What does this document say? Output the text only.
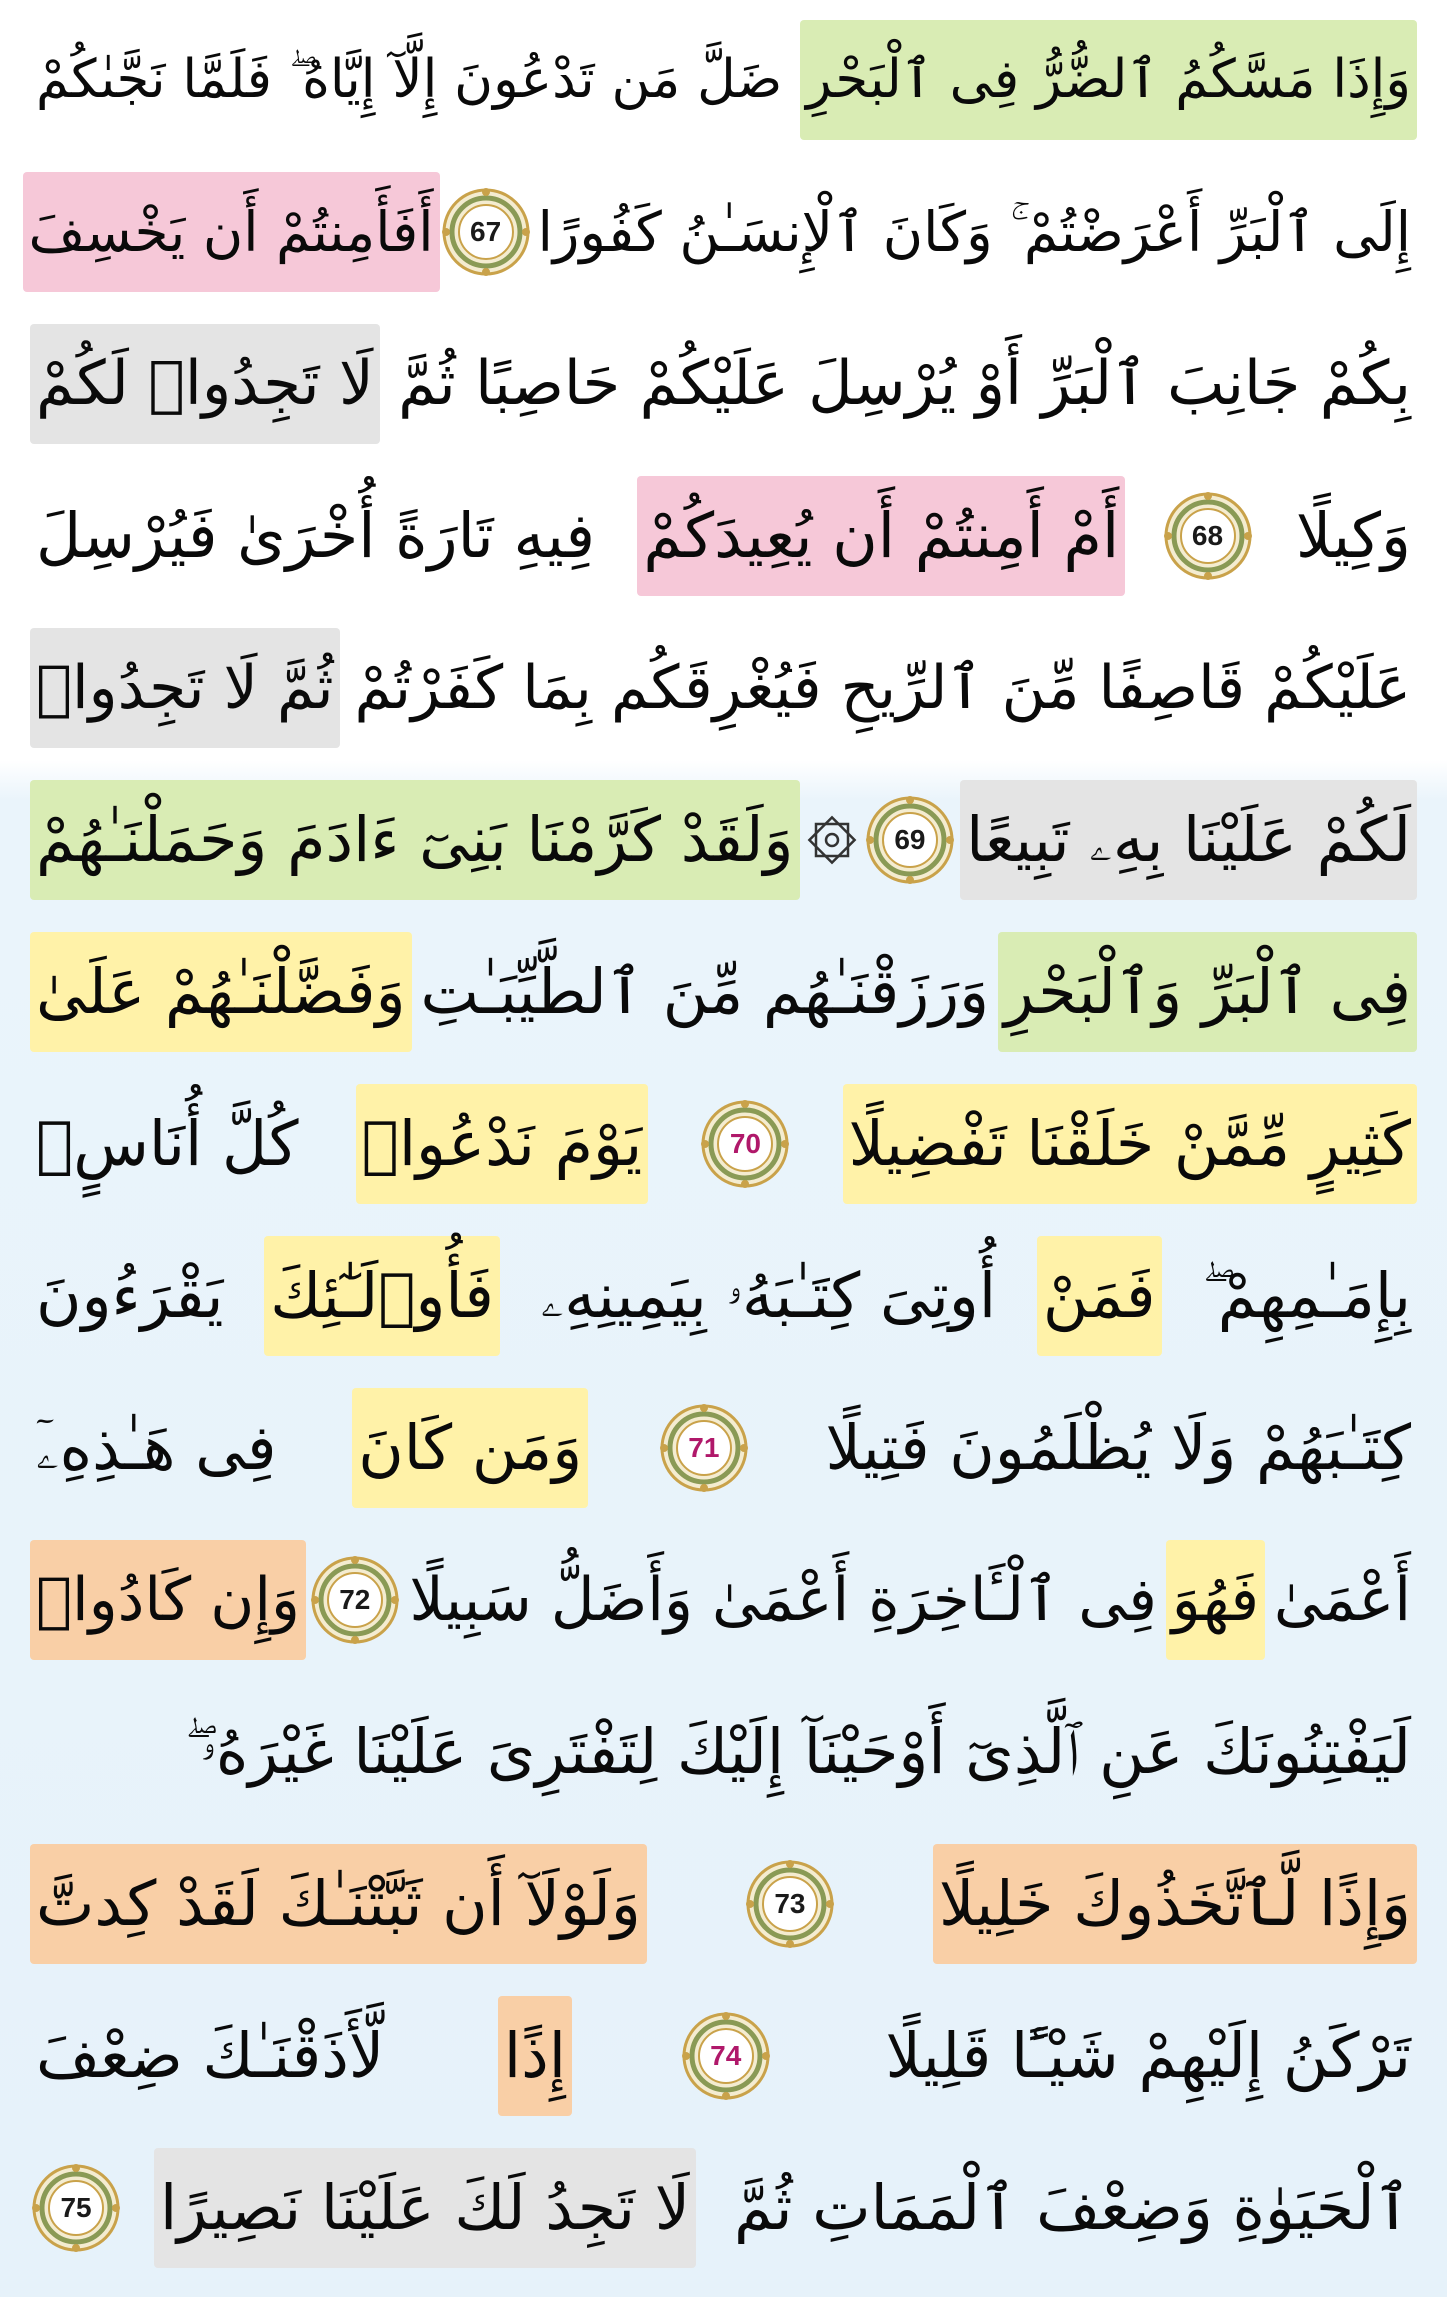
وَإِذَا مَسَّكُمُ ٱلضُّرُّ فِى ٱلْبَحْرِ
ضَلَّ مَن تَدْعُونَ إِلَّآ إِيَّاهُ ۖ فَلَمَّا نَجَّىٰكُمْ
إِلَى ٱلْبَرِّ أَعْرَضْتُمْ ۚ وَكَانَ ٱلْإِنسَـٰنُ كَفُورًا
67
أَفَأَمِنتُمْ أَن يَخْسِفَ
بِكُمْ جَانِبَ ٱلْبَرِّ أَوْ يُرْسِلَ عَلَيْكُمْ حَاصِبًا ثُمَّ
لَا تَجِدُوا۟ لَكُمْ
وَكِيلًا
68
أَمْ أَمِنتُمْ أَن يُعِيدَكُمْ
فِيهِ تَارَةً أُخْرَىٰ فَيُرْسِلَ
عَلَيْكُمْ قَاصِفًا مِّنَ ٱلرِّيحِ فَيُغْرِقَكُم بِمَا كَفَرْتُمْ
ثُمَّ لَا تَجِدُوا۟
لَكُمْ عَلَيْنَا بِهِۦ تَبِيعًا
69
وَلَقَدْ كَرَّمْنَا بَنِىٓ ءَادَمَ وَحَمَلْنَـٰهُمْ
فِى ٱلْبَرِّ وَٱلْبَحْرِ
وَرَزَقْنَـٰهُم مِّنَ ٱلطَّيِّبَـٰتِ
وَفَضَّلْنَـٰهُمْ عَلَىٰ
كَثِيرٍ مِّمَّنْ خَلَقْنَا تَفْضِيلًا
70
يَوْمَ نَدْعُوا۟
كُلَّ أُنَاسٍۭ
بِإِمَـٰمِهِمْ ۖ
فَمَنْ
أُوتِىَ كِتَـٰبَهُۥ بِيَمِينِهِۦ
فَأُو۟لَـٰٓئِكَ
يَقْرَءُونَ
كِتَـٰبَهُمْ وَلَا يُظْلَمُونَ فَتِيلًا
71
وَمَن كَانَ
فِى هَـٰذِهِۦٓ
أَعْمَىٰ
فَهُوَ
فِى ٱلْـَٔاخِرَةِ أَعْمَىٰ وَأَضَلُّ سَبِيلًا
72
وَإِن كَادُوا۟
لَيَفْتِنُونَكَ عَنِ ٱلَّذِىٓ أَوْحَيْنَآ إِلَيْكَ لِتَفْتَرِىَ عَلَيْنَا غَيْرَهُۥ ۖ
وَإِذًا لَّٱتَّخَذُوكَ خَلِيلًا
73
وَلَوْلَآ أَن ثَبَّتْنَـٰكَ لَقَدْ كِدتَّ
تَرْكَنُ إِلَيْهِمْ شَيْـًٔا قَلِيلًا
74
إِذًا
لَّأَذَقْنَـٰكَ ضِعْفَ
ٱلْحَيَوٰةِ وَضِعْفَ ٱلْمَمَاتِ ثُمَّ
لَا تَجِدُ لَكَ عَلَيْنَا نَصِيرًا
75
